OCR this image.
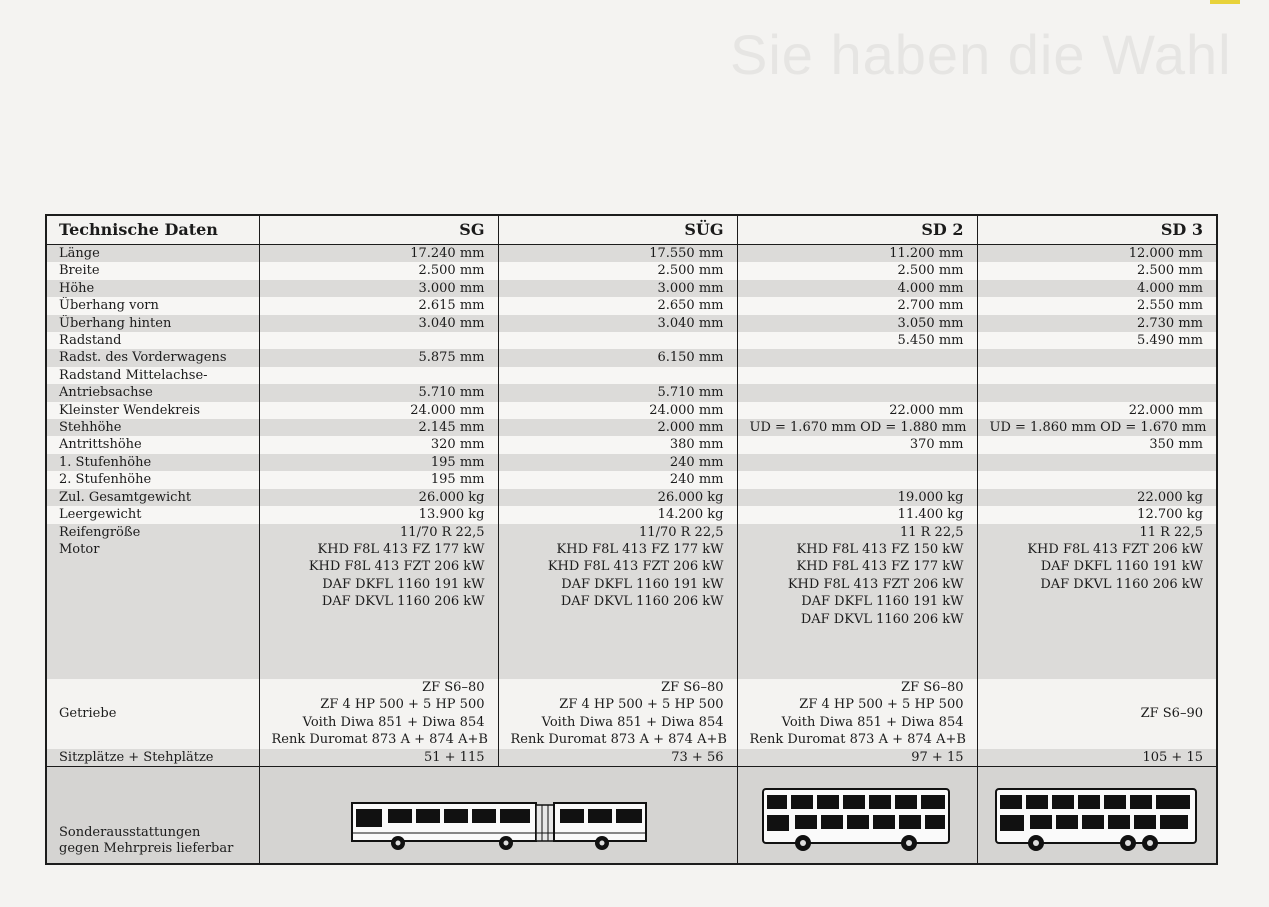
Sie haben die Wahl
Technische Daten	SG	SÜG	SD 2	SD 3
Länge	17.240 mm	17.550 mm	11.200 mm	12.000 mm
Breite	2.500 mm	2.500 mm	2.500 mm	2.500 mm
Höhe	3.000 mm	3.000 mm	4.000 mm	4.000 mm
Überhang vorn	2.615 mm	2.650 mm	2.700 mm	2.550 mm
Überhang hinten	3.040 mm	3.040 mm	3.050 mm	2.730 mm
Radstand			5.450 mm	5.490 mm
Radst. des Vorderwagens	5.875 mm	6.150 mm		
Radstand Mittelachse-				
Antriebsachse	5.710 mm	5.710 mm		
Kleinster Wendekreis	24.000 mm	24.000 mm	22.000 mm	22.000 mm
Stehhöhe	2.145 mm	2.000 mm	UD = 1.670 mm OD = 1.880 mm	UD = 1.860 mm OD = 1.670 mm
Antrittshöhe	320 mm	380 mm	370 mm	350 mm
1. Stufenhöhe	195 mm	240 mm		
2. Stufenhöhe	195 mm	240 mm		
Zul. Gesamtgewicht	26.000 kg	26.000 kg	19.000 kg	22.000 kg
Leergewicht	13.900 kg	14.200 kg	11.400 kg	12.700 kg
Reifengröße	11/70 R 22,5	11/70 R 22,5	11 R 22,5	11 R 22,5
Motor	KHD F8L 413 FZ 177 kW
KHD F8L 413 FZT 206 kW
DAF DKFL 1160 191 kW
DAF DKVL 1160 206 kW	KHD F8L 413 FZ 177 kW
KHD F8L 413 FZT 206 kW
DAF DKFL 1160 191 kW
DAF DKVL 1160 206 kW	KHD F8L 413 FZ 150 kW
KHD F8L 413 FZ 177 kW
KHD F8L 413 FZT 206 kW
DAF DKFL 1160 191 kW
DAF DKVL 1160 206 kW	KHD F8L 413 FZT 206 kW
DAF DKFL 1160 191 kW
DAF DKVL 1160 206 kW

Getriebe	ZF S6–80
ZF 4 HP 500 + 5 HP 500
Voith Diwa 851 + Diwa 854
Renk Duromat 873 A + 874 A+B	ZF S6–80
ZF 4 HP 500 + 5 HP 500
Voith Diwa 851 + Diwa 854
Renk Duromat 873 A + 874 A+B	ZF S6–80
ZF 4 HP 500 + 5 HP 500
Voith Diwa 851 + Diwa 854
Renk Duromat 873 A + 874 A+B	ZF S6–90

Sitzplätze + Stehplätze	51 + 115	73 + 56	97 + 15	105 + 15

Sonderausstattungen
gegen Mehrpreis lieferbar
